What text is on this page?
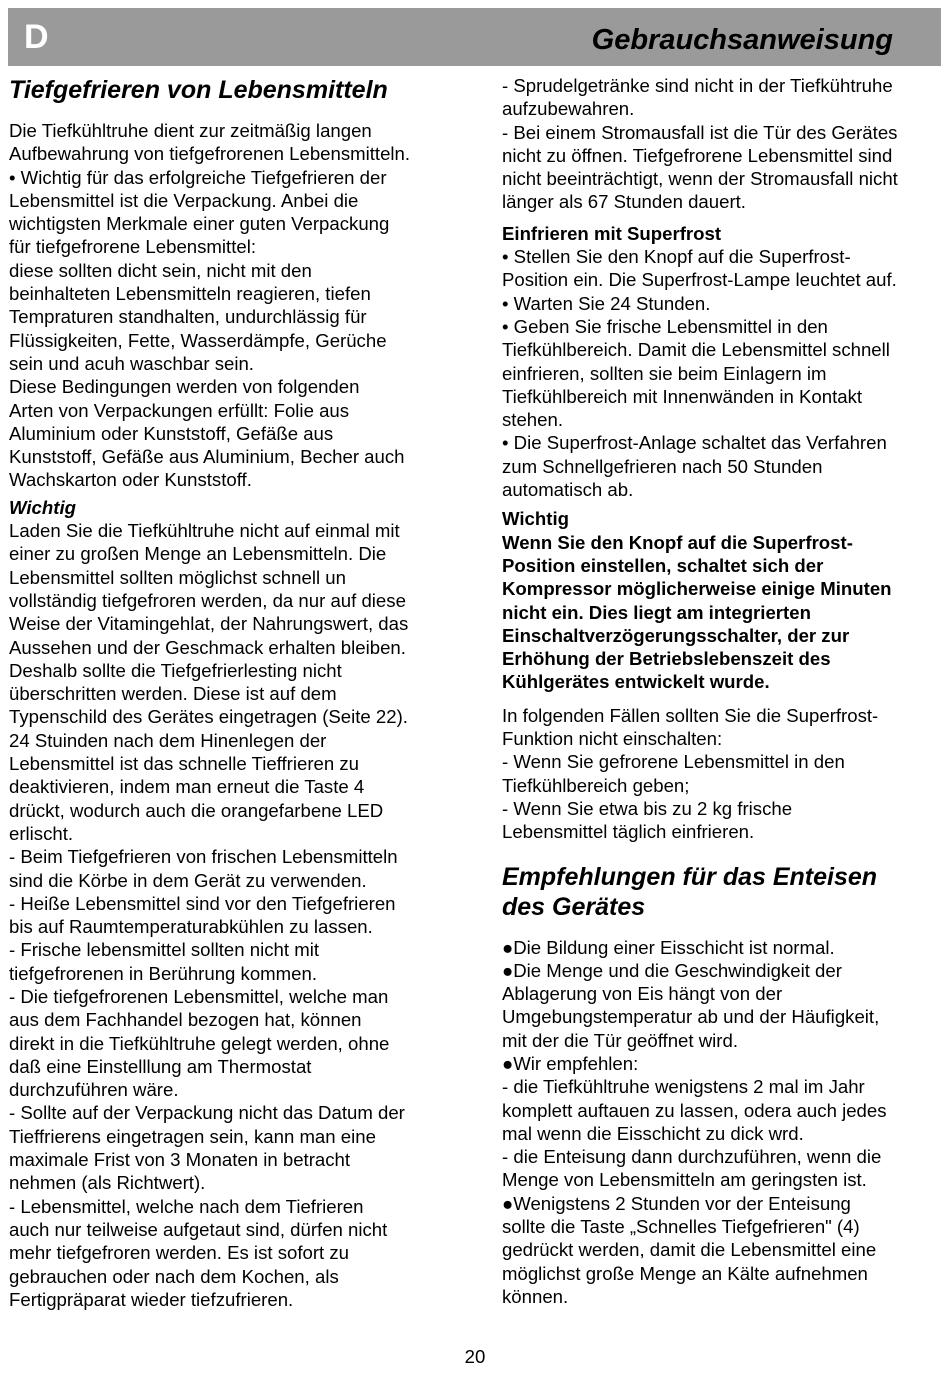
D	Gebrauchsanweisung
Tiefgefrieren von Lebensmitteln

Die Tiefkühltruhe dient zur zeitmäßig langen
Aufbewahrung von tiefgefrorenen Lebensmitteln.
• Wichtig für das erfolgreiche Tiefgefrieren der
Lebensmittel ist die Verpackung. Anbei die
wichtigsten Merkmale einer guten Verpackung
für tiefgefrorene Lebensmittel:
diese sollten dicht sein, nicht mit den
beinhalteten Lebensmitteln reagieren, tiefen
Tempraturen standhalten, undurchlässig für
Flüssigkeiten, Fette, Wasserdämpfe, Gerüche
sein und acuh waschbar sein.
Diese Bedingungen werden von folgenden
Arten von Verpackungen erfüllt: Folie aus
Aluminium oder Kunststoff, Gefäße aus
Kunststoff, Gefäße aus Aluminium, Becher auch
Wachskarton oder Kunststoff.

Wichtig

Laden Sie die Tiefkühltruhe nicht auf einmal mit
einer zu großen Menge an Lebensmitteln. Die
Lebensmittel sollten möglichst schnell un
vollständig tiefgefroren werden, da nur auf diese
Weise der Vitamingehlat, der Nahrungswert, das
Aussehen und der Geschmack erhalten bleiben.
Deshalb sollte die Tiefgefrierlesting nicht
überschritten werden. Diese ist auf dem
Typenschild des Gerätes eingetragen (Seite 22).
24 Stuinden nach dem Hinenlegen der
Lebensmittel ist das schnelle Tieffrieren zu
deaktivieren, indem man erneut die Taste 4
drückt, wodurch auch die orangefarbene LED
erlischt.
- Beim Tiefgefrieren von frischen Lebensmitteln
sind die Körbe in dem Gerät zu verwenden.
- Heiße Lebensmittel sind vor den Tiefgefrieren
bis auf Raumtemperaturabkühlen zu lassen.
- Frische lebensmittel sollten nicht mit
tiefgefrorenen in Berührung kommen.
- Die tiefgefrorenen Lebensmittel, welche man
aus dem Fachhandel bezogen hat, können
direkt in die Tiefkühltruhe gelegt werden, ohne
daß eine Einstelllung am Thermostat
durchzuführen wäre.
- Sollte auf der Verpackung nicht das Datum der
Tieffrierens eingetragen sein, kann man eine
maximale Frist von 3 Monaten in betracht
nehmen (als Richtwert).
- Lebensmittel, welche nach dem Tiefrieren
auch nur teilweise aufgetaut sind, dürfen nicht
mehr tiefgefroren werden. Es ist sofort zu
gebrauchen oder nach dem Kochen, als
Fertigpräparat wieder tiefzufrieren.

- Sprudelgetränke sind nicht in der Tiefkühtruhe
aufzubewahren.
- Bei einem Stromausfall ist die Tür des Gerätes
nicht zu öffnen. Tiefgefrorene Lebensmittel sind
nicht beeinträchtigt, wenn der Stromausfall nicht
länger als 67 Stunden dauert.

Einfrieren mit Superfrost

• Stellen Sie den Knopf auf die Superfrost-
Position ein. Die Superfrost-Lampe leuchtet auf.
• Warten Sie 24 Stunden.
• Geben Sie frische Lebensmittel in den
Tiefkühlbereich. Damit die Lebensmittel schnell
einfrieren, sollten sie beim Einlagern im
Tiefkühlbereich mit Innenwänden in Kontakt
stehen.
• Die Superfrost-Anlage schaltet das Verfahren
zum Schnellgefrieren nach 50 Stunden
automatisch ab.

Wichtig

Wenn Sie den Knopf auf die Superfrost-
Position einstellen, schaltet sich der
Kompressor möglicherweise einige Minuten
nicht ein. Dies liegt am integrierten
Einschaltverzögerungsschalter, der zur
Erhöhung der Betriebslebenszeit des
Kühlgerätes entwickelt wurde.

In folgenden Fällen sollten Sie die Superfrost-
Funktion nicht einschalten:
- Wenn Sie gefrorene Lebensmittel in den
Tiefkühlbereich geben;
- Wenn Sie etwa bis zu 2 kg frische
Lebensmittel täglich einfrieren.

Empfehlungen für das Enteisen
des Gerätes

●Die Bildung einer Eisschicht ist normal.
●Die Menge und die Geschwindigkeit der
Ablagerung von Eis hängt von der
Umgebungstemperatur ab und der Häufigkeit,
mit der die Tür geöffnet wird.
●Wir empfehlen:
- die Tiefkühltruhe wenigstens 2 mal im Jahr
komplett auftauen zu lassen, odera auch jedes
mal wenn die Eisschicht zu dick wrd.
- die Enteisung dann durchzuführen, wenn die
Menge von Lebensmitteln am geringsten ist.
●Wenigstens 2 Stunden vor der Enteisung
sollte die Taste „Schnelles Tiefgefrieren" (4)
gedrückt werden, damit die Lebensmittel eine
möglichst große Menge an Kälte aufnehmen
können.

20
